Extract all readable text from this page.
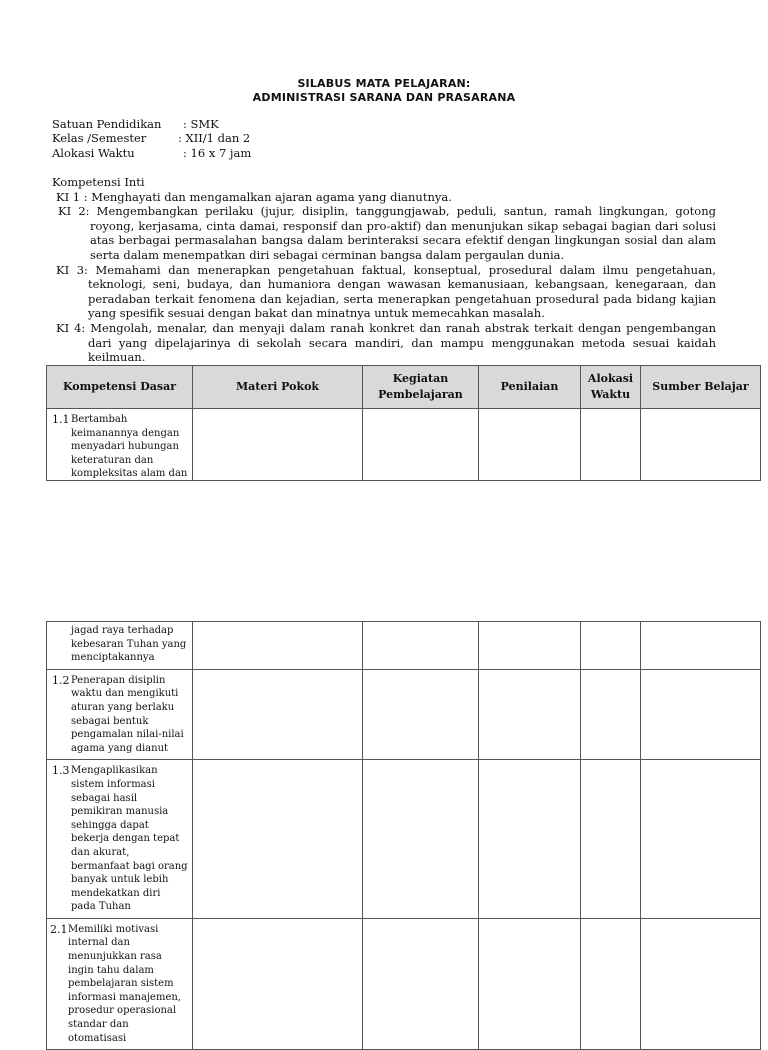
SILABUS MATA PELAJARAN:
ADMINISTRASI SARANA DAN PRASARANA
Satuan Pendidikan : SMK
Kelas /Semester	: XII/1 dan 2
Alokasi Waktu	: 16 x 7 jam
Kompetensi Inti
KI 1 : Menghayati dan mengamalkan ajaran agama yang dianutnya.
KI 2: Mengembangkan perilaku (jujur, disiplin, tanggungjawab, peduli, santun, ramah lingkungan, gotong royong, kerjasama, cinta damai, responsif dan pro-aktif) dan menunjukan sikap sebagai bagian dari solusi atas berbagai permasalahan bangsa dalam berinteraksi secara efektif dengan lingkungan sosial dan alam serta dalam menempatkan diri sebagai cerminan bangsa dalam pergaulan dunia.
KI 3: Memahami dan menerapkan pengetahuan faktual, konseptual, prosedural dalam ilmu pengetahuan, teknologi, seni, budaya, dan humaniora dengan wawasan kemanusiaan, kebangsaan, kenegaraan, dan peradaban terkait fenomena dan kejadian, serta menerapkan pengetahuan prosedural pada bidang kajian yang spesifik sesuai dengan bakat dan minatnya untuk memecahkan masalah.
KI 4: Mengolah, menalar, dan menyaji dalam ranah konkret dan ranah abstrak terkait dengan pengembangan dari yang dipelajarinya di sekolah secara mandiri, dan mampu menggunakan metoda sesuai kaidah keilmuan.
Kompetensi Dasar	Materi Pokok	Kegiatan Pembelajaran	Penilaian	Alokasi Waktu	Sumber Belajar

1.1 Bertambah keimanannya dengan menyadari hubungan keteraturan dan kompleksitas alam dan					

jagad raya terhadap kebesaran Tuhan yang menciptakannya					

1.2 Penerapan disiplin waktu dan mengikuti aturan yang berlaku sebagai bentuk pengamalan nilai-nilai agama yang dianut					

1.3 Mengaplikasikan sistem informasi sebagai hasil pemikiran manusia sehingga dapat bekerja dengan tepat dan akurat, bermanfaat bagi orang banyak untuk lebih mendekatkan diri pada Tuhan					

2.1 Memiliki motivasi internal dan menunjukkan rasa ingin tahu dalam pembelajaran sistem informasi manajemen, prosedur operasional standar dan otomatisasi					
